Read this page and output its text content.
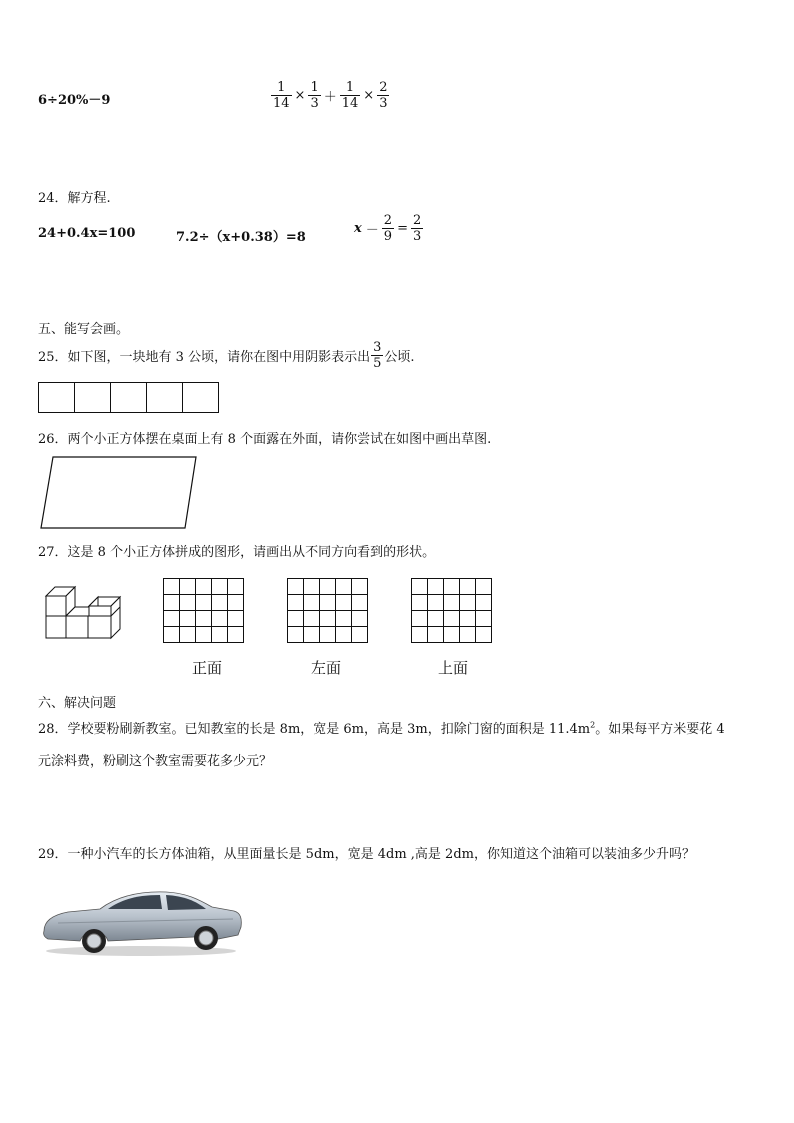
6÷20%－9	$\frac{1}{14} \times \frac{1}{3} + \frac{1}{14} \times \frac{2}{3}$
24．解方程.
24+0.4x=100	7.2÷（x+0.38）=8
$x - \frac{2}{9} = \frac{2}{3}$
五、能写会画。
25．如下图，一块地有 3 公顷，请你在图中用阴影表示出 $\frac{3}{5}$ 公顷.
26．两个小正方体摆在桌面上有 8 个面露在外面，请你尝试在如图中画出草图.
27．这是 8 个小正方体拼成的图形，请画出从不同方向看到的形状。

正面	左面	上面
六、解决问题
28．学校要粉刷新教室。已知教室的长是 8m，宽是 6m，高是 3m，扣除门窗的面积是 $11.4m^2$。如果每平方米要花 4
元涂料费，粉刷这个教室需要花多少元？
29．一种小汽车的长方体油箱，从里面量长是 5dm，宽是 4dm ,高是 2dm，你知道这个油箱可以装油多少升吗？
